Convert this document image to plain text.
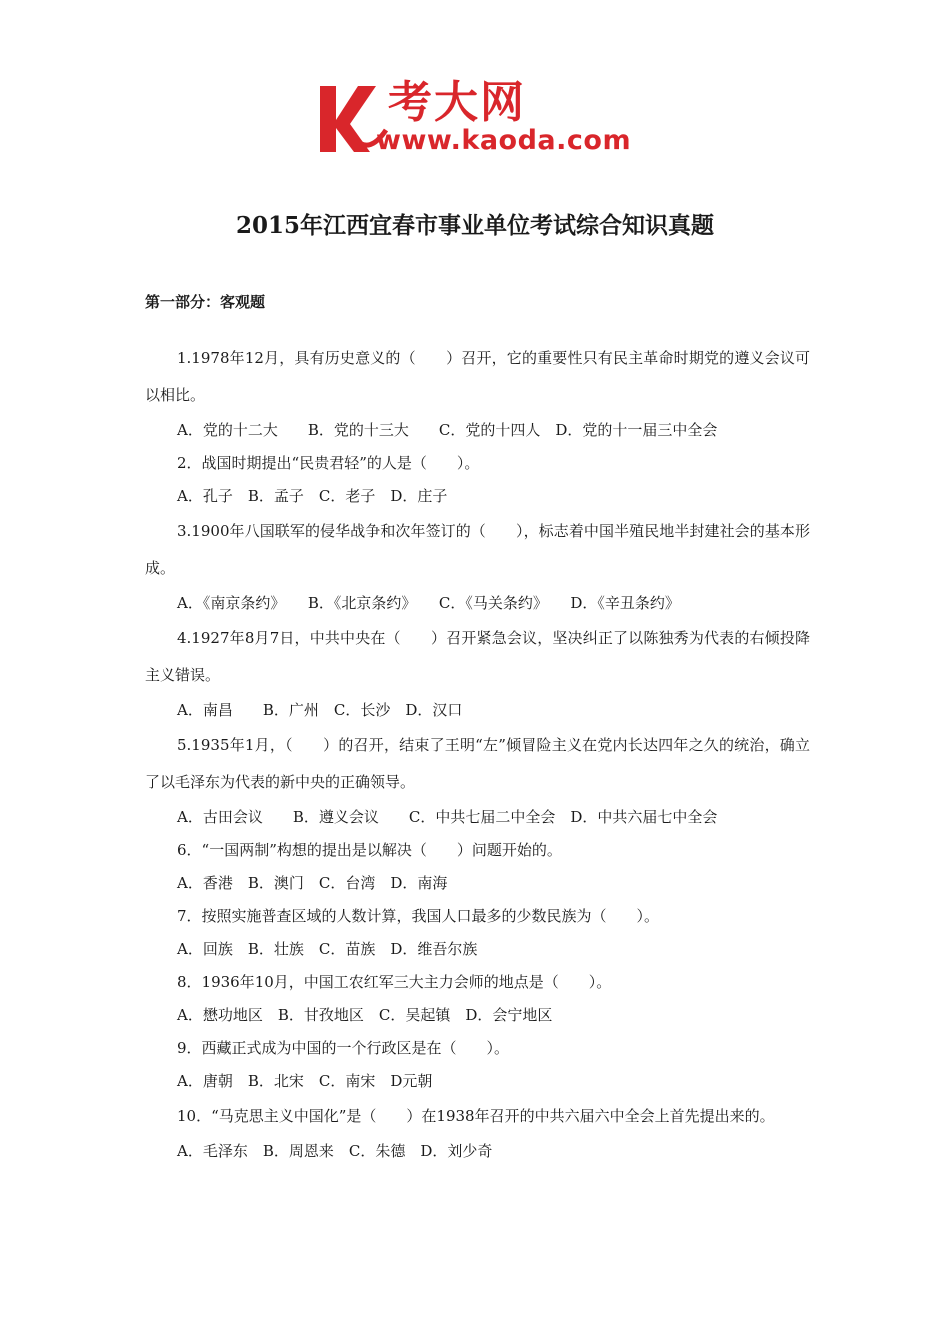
考大网
www.kaoda.com
2015年江西宜春市事业单位考试综合知识真题
第一部分：客观题

1.1978年12月，具有历史意义的（　　）召开，它的重要性只有民主革命时期党的遵义会议可以相比。

A．党的十二大　　B．党的十三大　　C．党的十四人　D．党的十一届三中全会

2．战国时期提出“民贵君轻”的人是（　　）。

A．孔子　B．孟子　C．老子　D．庄子

3.1900年八国联军的侵华战争和次年签订的（　　），标志着中国半殖民地半封建社会的基本形成。

A．《南京条约》　　B．《北京条约》　　C．《马关条约》　　D．《辛丑条约》

4.1927年8月7日，中共中央在（　　）召开紧急会议，坚决纠正了以陈独秀为代表的右倾投降主义错误。

A．南昌　　B．广州　C．长沙　D．汉口

5.1935年1月，（　　）的召开，结束了王明“左”倾冒险主义在党内长达四年之久的统治，确立了以毛泽东为代表的新中央的正确领导。

A．古田会议　　B．遵义会议　　C．中共七届二中全会　D．中共六届七中全会

6．“一国两制”构想的提出是以解决（　　）问题开始的。

A．香港　B．澳门　C．台湾　D．南海

7．按照实施普查区域的人数计算，我国人口最多的少数民族为（　　）。

A．回族　B．壮族　C．苗族　D．维吾尔族

8．1936年10月，中国工农红军三大主力会师的地点是（　　）。

A．懋功地区　B．甘孜地区　C．吴起镇　D．会宁地区

9．西藏正式成为中国的一个行政区是在（　　）。

A．唐朝　B．北宋　C．南宋　D元朝

10．“马克思主义中国化”是（　　）在1938年召开的中共六届六中全会上首先提出来的。

A．毛泽东　B．周恩来　C．朱德　D．刘少奇
